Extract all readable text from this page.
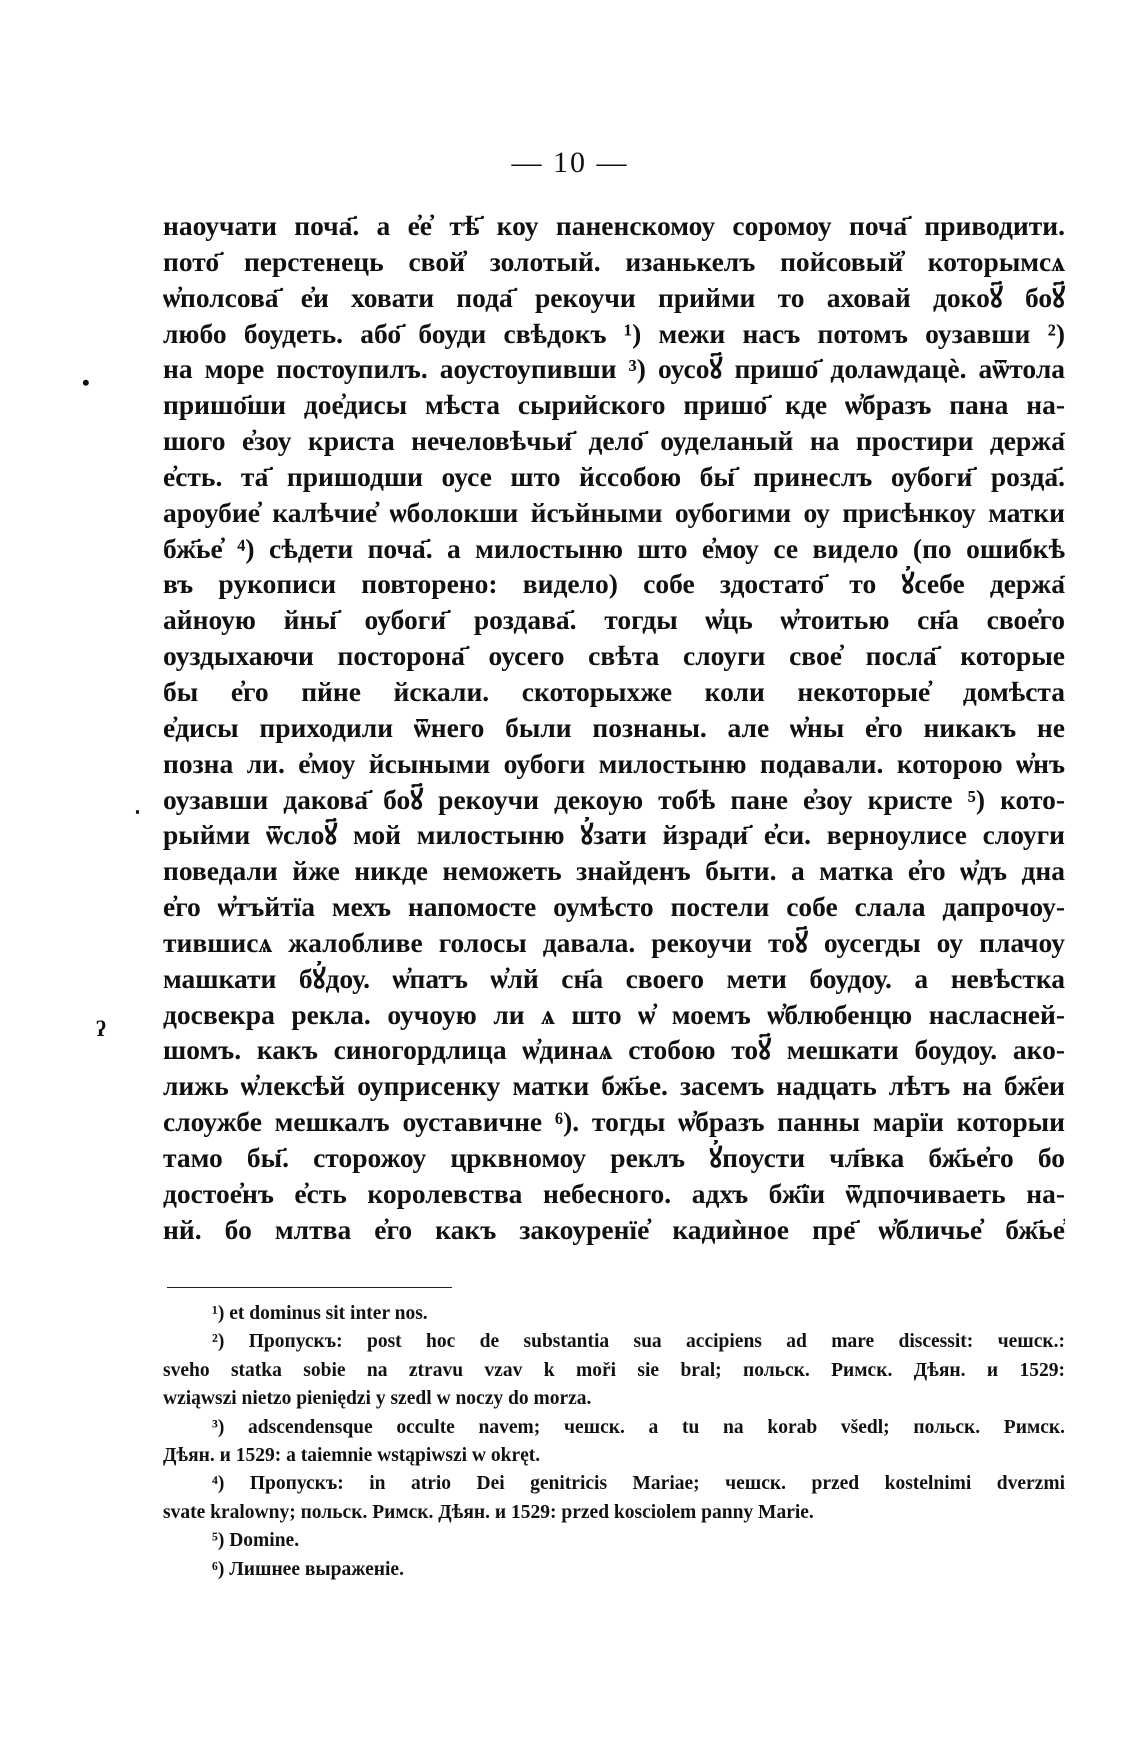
— 10 —
•
‧
ʔ
наоучати поча҃. а е҆е҆ тѣ҃ коу паненскомоу соромоу поча҃ приводити.
пото҃ перстенець свой҆ золотый. изанькелъ пойсовый҆ которымсѧ
ѡ҆полсова҃ е҆и ховати пода҃ рекоучи прийми то аховай докоꙋ҃ боꙋ҃
любо боудеть. або҃ боуди свѣдокъ ¹) межи насъ потомъ оузавши ²)
на море постоупилъ. аоустоупивши ³) оусоꙋ҃ пришо҃ долаѡдацѐ. аѿтола
пришо҃ши дое҆дисы мѣста сырийского пришо҃ кде ѡ҆бразъ пана на-
шого е҆зоу криста нечеловѣчьи҃ дело҃ оуделаный на простири держа҃
е҆сть. та҃ пришодши оусе што йссобою бы҃ принеслъ оубоги҃ розда҃.
ароубие҆ калѣчие҆ ѡбoлокши йсъйными оубогими оу присѣнкоу матки
бж҃ье҆ ⁴) сѣдети поча҃. а милостыню што е҆моу се видело (по ошибкѣ
въ рукописи повторено: видело) собе здостато҃ то ꙋ҆себе держа҃
айноую йны҃ оубоги҃ роздава҃. тогды ѡ҆ць ѡ҆тоитью сн҃а свое҆го
оуздыхаючи посторона҃ оусего свѣта слоуги свое҆ посла҃ которые
бы е҆го пйне йскали. скоторыхже коли некоторые҆ домѣста
е҆дисы приходили ѿнего были познаны. але ѡ҆ны е҆го никакъ не
позна ли. е҆моу йсыными оубоги милостыню подавали. которою ѡ҆нъ
оузавши дакова҃ боꙋ҃ рекоучи декоую тобѣ пане е҆зоу кристе ⁵) кото-
рыйми ѿслоꙋ҃ мой милостыню ꙋ҆зати йзради҃ е҆си. верноулисе слоуги
поведали йже никде неможеть знайденъ быти. а матка е҆го ѡ҆дъ дна
е҆го ѡ҆тъйтїа мехъ напомосте оумѣсто постели собе слала дапрочоу-
тившисѧ жалобливе голосы давала. рекоучи тоꙋ҃ оусегды оу плачоу
машкати бꙋ҆доу. ѡ҆патъ ѡ҆лй сн҃а своего мети боудоу. а невѣстка
досвекра рекла. оучоую ли ѧ што ѡ҆ моемъ ѡ҆блюбенцю насласней-
шомъ. какъ синогордлица ѡ҆динаѧ стобою тоꙋ҃ мешкати боудоу. ако-
лижь ѡ҆лексѣй оуприсенку матки бж҃ье. засемъ надцать лѣтъ на бж҃еи
слоужбе мешкалъ оуставичне ⁶). тогды ѡ҆бразъ панны марїи которыи
тамо бы҃. сторожоу црквномоу реклъ ꙋ҆поусти чл҃вка бж҃ье҆го бо
достое҆нъ е҆сть королевства небесного. адхъ бж҃їи ѿдпочиваеть на-
нй. бо млтва е҆го какъ закоуренїе҆ кадиѝное пре҃ ѡ҆бличье҆ бж҃ье҆
¹) et dominus sit inter nos.
²) Пропускъ: post hoc de substantia sua accipiens ad mare discessit: чешск.:
sveho statka sobie na ztravu vzav k moři sie bral; польск. Римск. Дѣян. и 1529:
wziąwszi nietzo pieniędzi y szedl w noczy do morza.
³) adscendensque occulte navem; чешск. a tu na korab všedl; польск. Римск.
Дѣян. и 1529: a taiemnie wstąpiwszi w okręt.
⁴) Пропускъ: in atrio Dei genitricis Mariae; чешск. przed kostelnimi dverzmi
svate kralowny; польск. Римск. Дѣян. и 1529: przed kosciolem panny Marie.
⁵) Domine.
⁶) Лишнее выраженіе.
